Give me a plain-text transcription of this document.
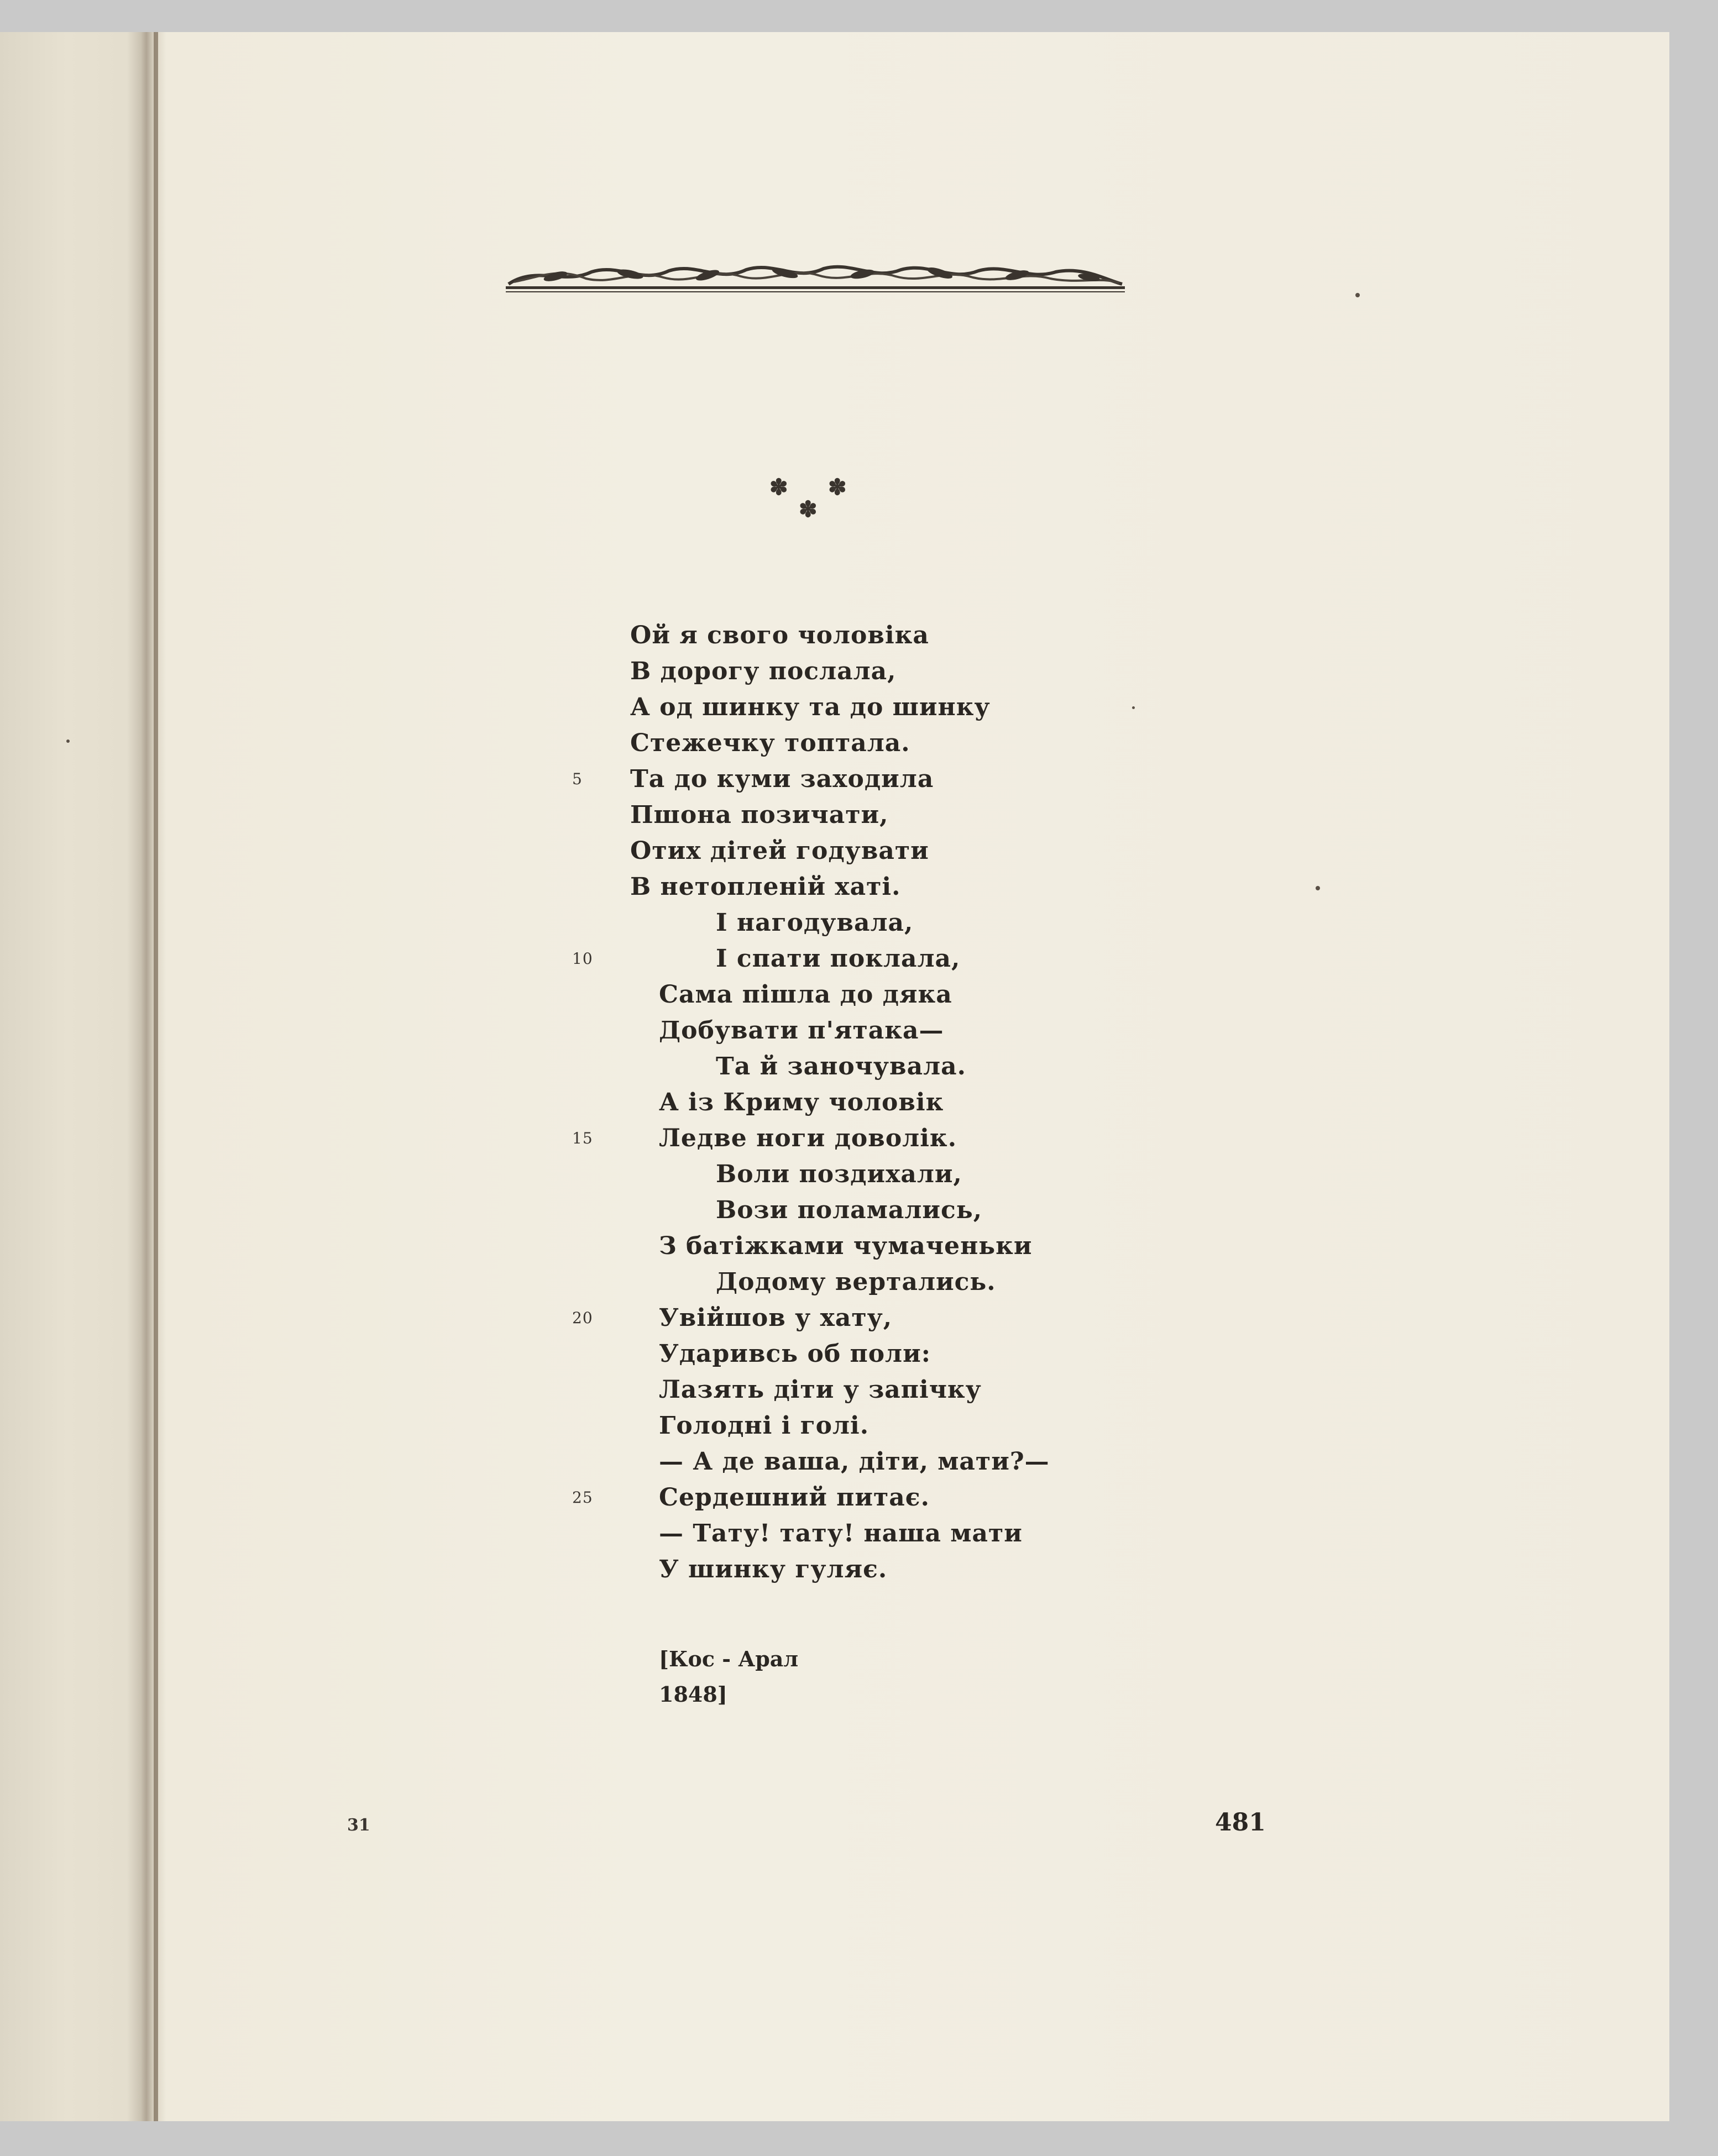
✽ ✽
✽
Ой я свого чоловіка
В дорогу послала,
А од шинку та до шинку
Стежечку топтала.
5 Та до куми заходила
Пшона позичати,
Отих дітей годувати
В нетопленій хаті.
І нагодувала,
10	І спати поклала,
Сама пішла до дяка
Добувати п'ятака—
Та й заночувала.
А із Криму чоловік
15	Ледве ноги доволік.
Воли поздихали,
Вози поламались,
З батіжками чумаченьки
Додому вертались.
20	Увійшов у хату,
Ударивсь об поли:
Лазять діти у запічку
Голодні і голі.
— А де ваша, діти, мати?—
25	Сердешний питає.
— Тату! тату! наша мати
У шинку гуляє.
[Кос - Арал
1848]
31	481
